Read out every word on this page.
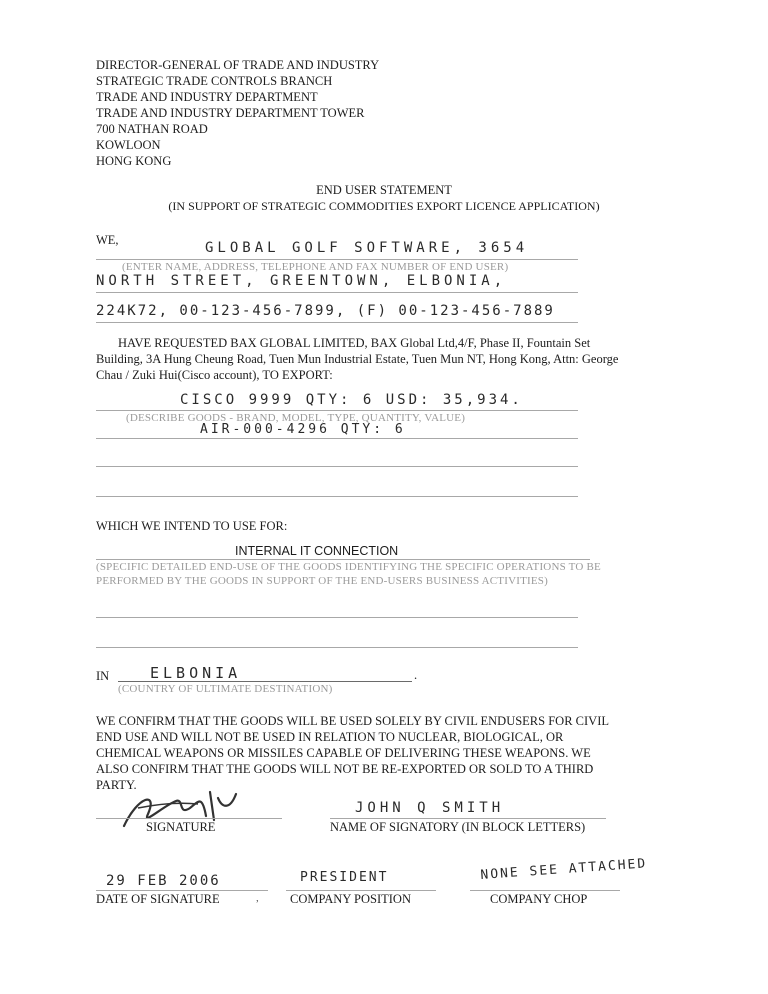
DIRECTOR-GENERAL OF TRADE AND INDUSTRY
STRATEGIC TRADE CONTROLS BRANCH
TRADE AND INDUSTRY DEPARTMENT
TRADE AND INDUSTRY DEPARTMENT TOWER
700 NATHAN ROAD
KOWLOON
HONG KONG
END USER STATEMENT
(IN SUPPORT OF STRATEGIC COMMODITIES EXPORT LICENCE APPLICATION)
WE,	GLOBAL GOLF SOFTWARE, 3654
(ENTER NAME, ADDRESS, TELEPHONE AND FAX NUMBER OF END USER)
NORTH STREET, GREENTOWN, ELBONIA,
224K72, 00-123-456-7899, (F) 00-123-456-7889
HAVE REQUESTED BAX GLOBAL LIMITED, BAX Global Ltd,4/F, Phase II, Fountain Set
Building, 3A Hung Cheung Road, Tuen Mun Industrial Estate, Tuen Mun NT, Hong Kong, Attn: George
Chau / Zuki Hui(Cisco account), TO EXPORT:
CISCO 9999 QTY: 6 USD: 35,934.
(DESCRIBE GOODS - BRAND, MODEL, TYPE, QUANTITY, VALUE)
AIR-000-4296 QTY: 6
WHICH WE INTEND TO USE FOR:
INTERNAL IT CONNECTION
(SPECIFIC DETAILED END-USE OF THE GOODS IDENTIFYING THE SPECIFIC OPERATIONS TO BE
PERFORMED BY THE GOODS IN SUPPORT OF THE END-USERS BUSINESS ACTIVITIES)
IN	ELBONIA	.
(COUNTRY OF ULTIMATE DESTINATION)
WE CONFIRM THAT THE GOODS WILL BE USED SOLELY BY CIVIL ENDUSERS FOR CIVIL
END USE AND WILL NOT BE USED IN RELATION TO NUCLEAR, BIOLOGICAL, OR
CHEMICAL WEAPONS OR MISSILES CAPABLE OF DELIVERING THESE WEAPONS. WE
ALSO CONFIRM THAT THE GOODS WILL NOT BE RE-EXPORTED OR SOLD TO A THIRD
PARTY.
SIGNATURE
JOHN Q SMITH
NAME OF SIGNATORY (IN BLOCK LETTERS)
29 FEB 2006
DATE OF SIGNATURE	,
PRESIDENT
COMPANY POSITION
NONE SEE ATTACHED
COMPANY CHOP
